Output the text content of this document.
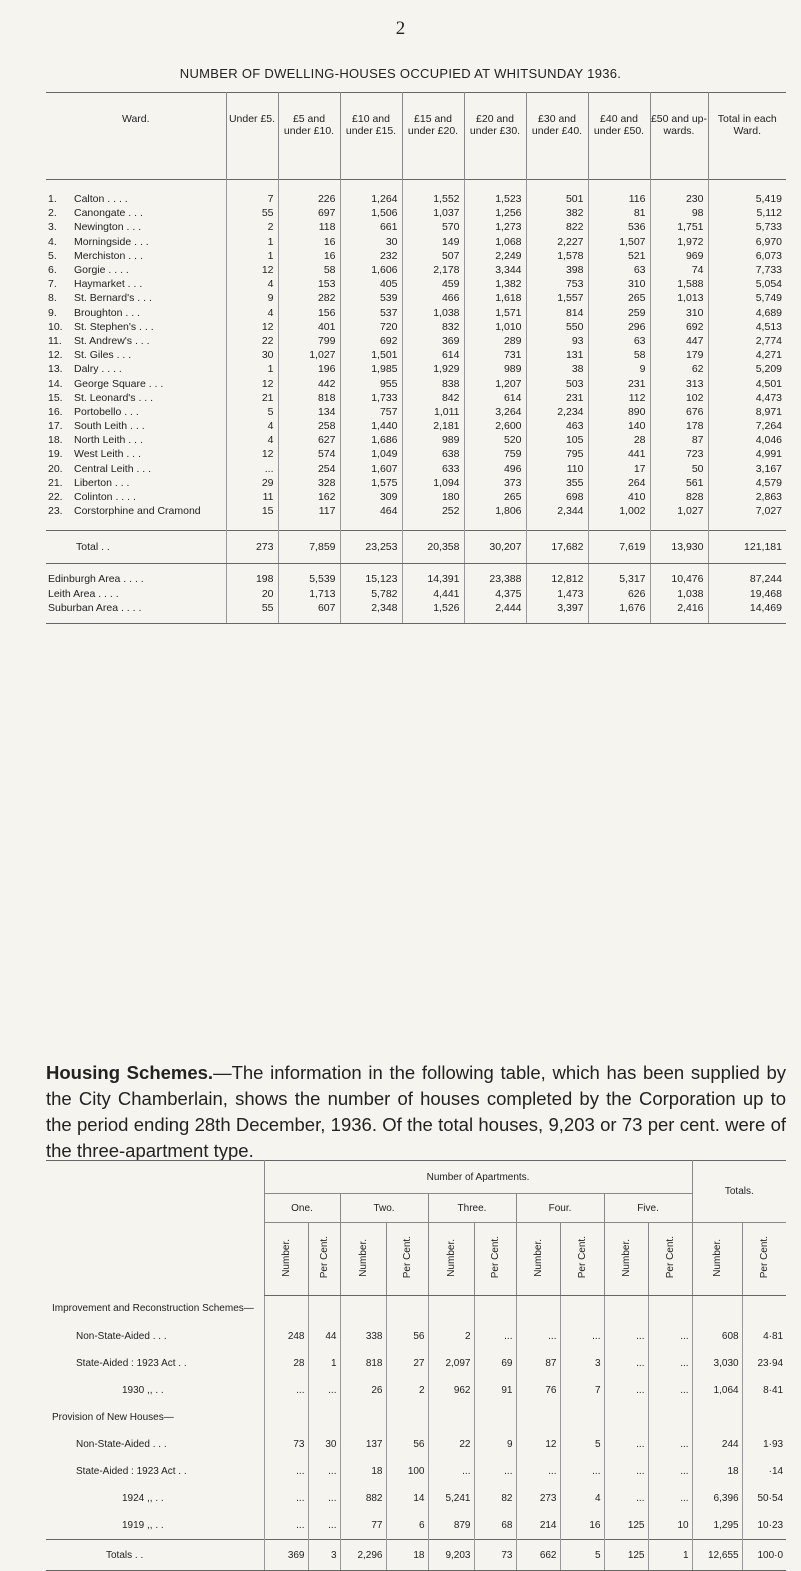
2
NUMBER OF DWELLING-HOUSES OCCUPIED AT WHITSUNDAY 1936.
Ward.		Under £5.	£5 and under £10.	£10 and under £15.	£15 and under £20.	£20 and under £30.	£30 and under £40.	£40 and under £50.	£50 and up-wards.	Total in each Ward.

1.	Calton . . . .	7	226	1,264	1,552	1,523	501	116	230	5,419
2.	Canongate . . .	55	697	1,506	1,037	1,256	382	81	98	5,112
3.	Newington . . .	2	118	661	570	1,273	822	536	1,751	5,733
4.	Morningside . . .	1	16	30	149	1,068	2,227	1,507	1,972	6,970
5.	Merchiston . . .	1	16	232	507	2,249	1,578	521	969	6,073
6.	Gorgie . . . .	12	58	1,606	2,178	3,344	398	63	74	7,733
7.	Haymarket . . .	4	153	405	459	1,382	753	310	1,588	5,054
8.	St. Bernard's . . .	9	282	539	466	1,618	1,557	265	1,013	5,749
9.	Broughton . . .	4	156	537	1,038	1,571	814	259	310	4,689
10.	St. Stephen's . . .	12	401	720	832	1,010	550	296	692	4,513
11.	St. Andrew's . . .	22	799	692	369	289	93	63	447	2,774
12.	St. Giles . . .	30	1,027	1,501	614	731	131	58	179	4,271
13.	Dalry . . . .	1	196	1,985	1,929	989	38	9	62	5,209
14.	George Square . . .	12	442	955	838	1,207	503	231	313	4,501
15.	St. Leonard's . . .	21	818	1,733	842	614	231	112	102	4,473
16.	Portobello . . .	5	134	757	1,011	3,264	2,234	890	676	8,971
17.	South Leith . . .	4	258	1,440	2,181	2,600	463	140	178	7,264
18.	North Leith . . .	4	627	1,686	989	520	105	28	87	4,046
19.	West Leith . . .	12	574	1,049	638	759	795	441	723	4,991
20.	Central Leith . . .	...	254	1,607	633	496	110	17	50	3,167
21.	Liberton . . .	29	328	1,575	1,094	373	355	264	561	4,579
22.	Colinton . . . .	11	162	309	180	265	698	410	828	2,863
23.	Corstorphine and Cramond	15	117	464	252	1,806	2,344	1,002	1,027	7,027

Total . .		273	7,859	23,253	20,358	30,207	17,682	7,619	13,930	121,181
Edinburgh Area . . . .		198	5,539	15,123	14,391	23,388	12,812	5,317	10,476	87,244
Leith Area . . . .		20	1,713	5,782	4,441	4,375	1,473	626	1,038	19,468
Suburban Area . . . .		55	607	2,348	1,526	2,444	3,397	1,676	2,416	14,469
Housing Schemes.—The information in the following table, which has been supplied by the City Chamberlain, shows the number of houses completed by the Corporation up to the period ending 28th December, 1936. Of the total houses, 9,203 or 73 per cent. were of the three-apartment type.
	Number of Apartments.										Totals.	
	One.		Two.		Three.		Four.		Five.			
	Number.	Per Cent.	Number.	Per Cent.	Number.	Per Cent.	Number.	Per Cent.	Number.	Per Cent.	Number.	Per Cent.
Improvement and Reconstruction Schemes—												
Non-State-Aided . . .	248	44	338	56	2	...	...	...	...	...	608	4·81
State-Aided : 1923 Act . .	28	1	818	27	2,097	69	87	3	...	...	3,030	23·94
1930 ,, . .	...	...	26	2	962	91	76	7	...	...	1,064	8·41
Provision of New Houses—												
Non-State-Aided . . .	73	30	137	56	22	9	12	5	...	...	244	1·93
State-Aided : 1923 Act . .	...	...	18	100	...	...	...	...	...	...	18	·14
1924 ,, . .	...	...	882	14	5,241	82	273	4	...	...	6,396	50·54
1919 ,, . .	...	...	77	6	879	68	214	16	125	10	1,295	10·23
Totals . .	369	3	2,296	18	9,203	73	662	5	125	1	12,655	100·0
